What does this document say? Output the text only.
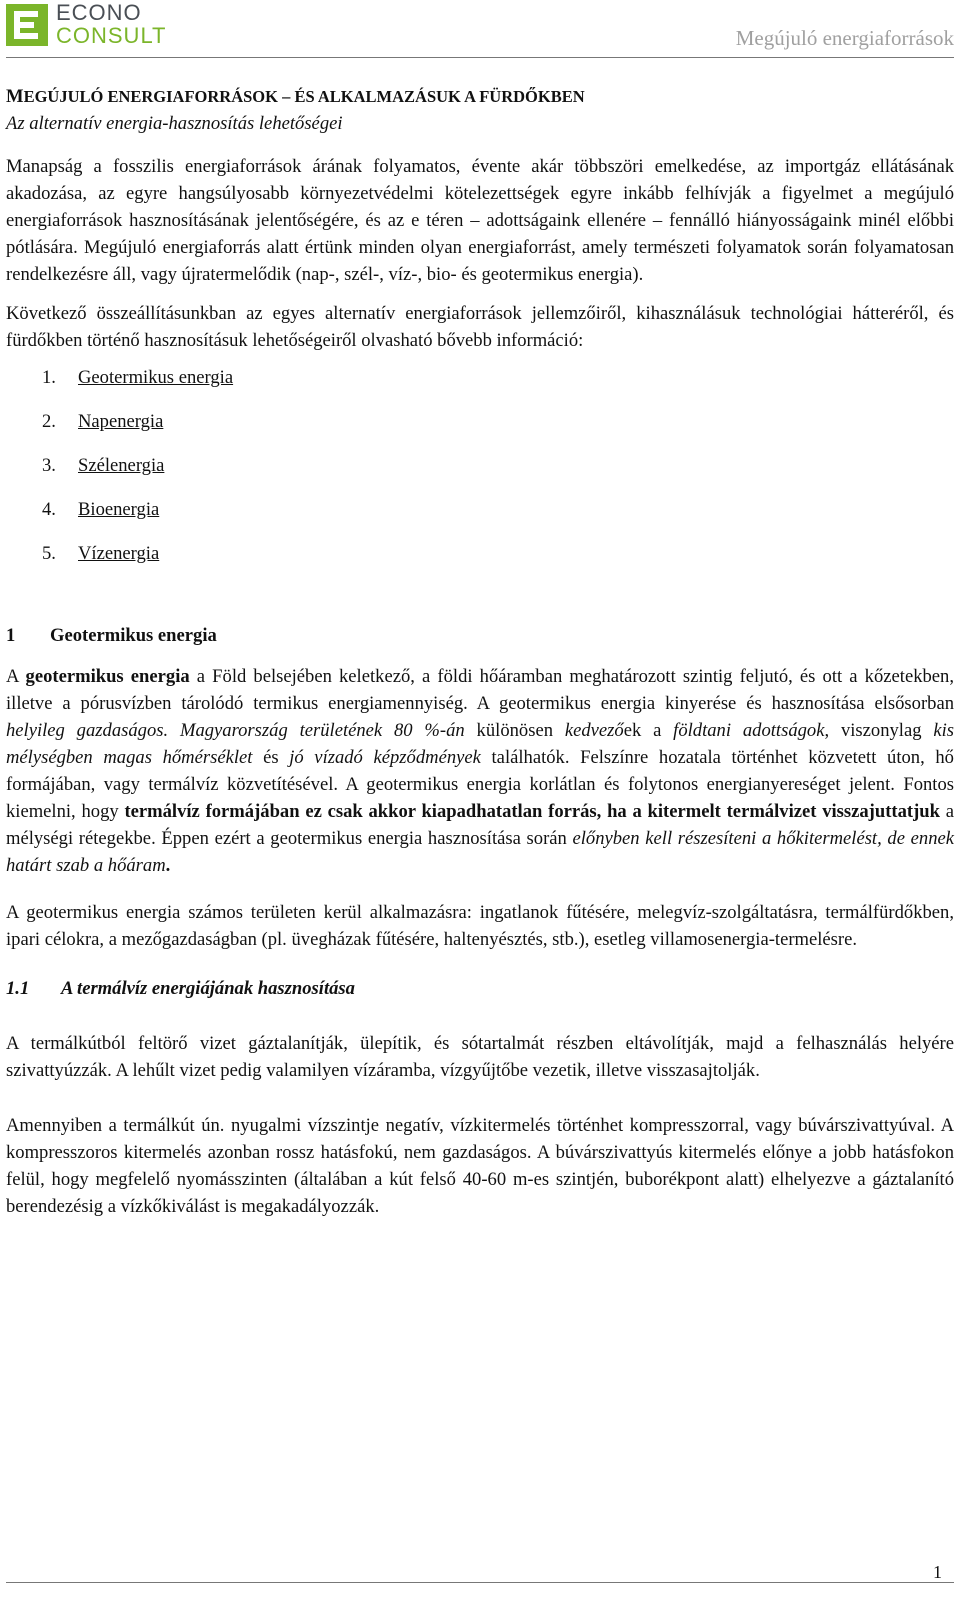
ECONO
CONSULT	Megújuló energiaforrások
MEGÚJULÓ ENERGIAFORRÁSOK – ÉS ALKALMAZÁSUK A FÜRDŐKBEN
Az alternatív energia-hasznosítás lehetőségei

Manapság a fosszilis energiaforrások árának folyamatos, évente akár többszöri emelkedése, az importgáz ellátásának akadozása, az egyre hangsúlyosabb környezetvédelmi kötelezettségek egyre inkább felhívják a figyelmet a megújuló energiaforrások hasznosításának jelentőségére, és az e téren – adottságaink ellenére – fennálló hiányosságaink minél előbbi pótlására. Megújuló energiaforrás alatt értünk minden olyan energiaforrást, amely természeti folyamatok során folyamatosan rendelkezésre áll, vagy újratermelődik (nap-, szél-, víz-, bio- és geotermikus energia).

Következő összeállításunkban az egyes alternatív energiaforrások jellemzőiről, kihasználásuk technológiai hátteréről, és fürdőkben történő hasznosításuk lehetőségeiről olvasható bővebb információ:

1.	Geotermikus energia
2.	Napenergia
3.	Szélenergia
4.	Bioenergia
5.	Vízenergia
1 Geotermikus energia

A geotermikus energia a Föld belsejében keletkező, a földi hőáramban meghatározott szintig feljutó, és ott a kőzetekben, illetve a pórusvízben tárolódó termikus energiamennyiség. A geotermikus energia kinyerése és hasznosítása elsősorban helyileg gazdaságos. Magyarország területének 80 %-án különösen kedvezőek a földtani adottságok, viszonylag kis mélységben magas hőmérséklet és jó vízadó képződmények találhatók. Felszínre hozatala történhet közvetett úton, hő formájában, vagy termálvíz közvetítésével. A geotermikus energia korlátlan és folytonos energianyereséget jelent. Fontos kiemelni, hogy termálvíz formájában ez csak akkor kiapadhatatlan forrás, ha a kitermelt termálvizet visszajuttatjuk a mélységi rétegekbe. Éppen ezért a geotermikus energia hasznosítása során előnyben kell részesíteni a hőkitermelést, de ennek határt szab a hőáram.

A geotermikus energia számos területen kerül alkalmazásra: ingatlanok fűtésére, melegvíz-szolgáltatásra, termálfürdőkben, ipari célokra, a mezőgazdaságban (pl. üvegházak fűtésére, haltenyésztés, stb.), esetleg villamosenergia-termelésre.

1.1 A termálvíz energiájának hasznosítása

A termálkútból feltörő vizet gáztalanítják, ülepítik, és sótartalmát részben eltávolítják, majd a felhasználás helyére szivattyúzzák. A lehűlt vizet pedig valamilyen vízáramba, vízgyűjtőbe vezetik, illetve visszasajtolják.

Amennyiben a termálkút ún. nyugalmi vízszintje negatív, vízkitermelés történhet kompresszorral, vagy búvárszivattyúval. A kompresszoros kitermelés azonban rossz hatásfokú, nem gazdaságos. A búvárszivattyús kitermelés előnye a jobb hatásfokon felül, hogy megfelelő nyomásszinten (általában a kút felső 40-60 m-es szintjén, buborékpont alatt) elhelyezve a gáztalanító berendezésig a vízkőkiválást is megakadályozzák.

1
